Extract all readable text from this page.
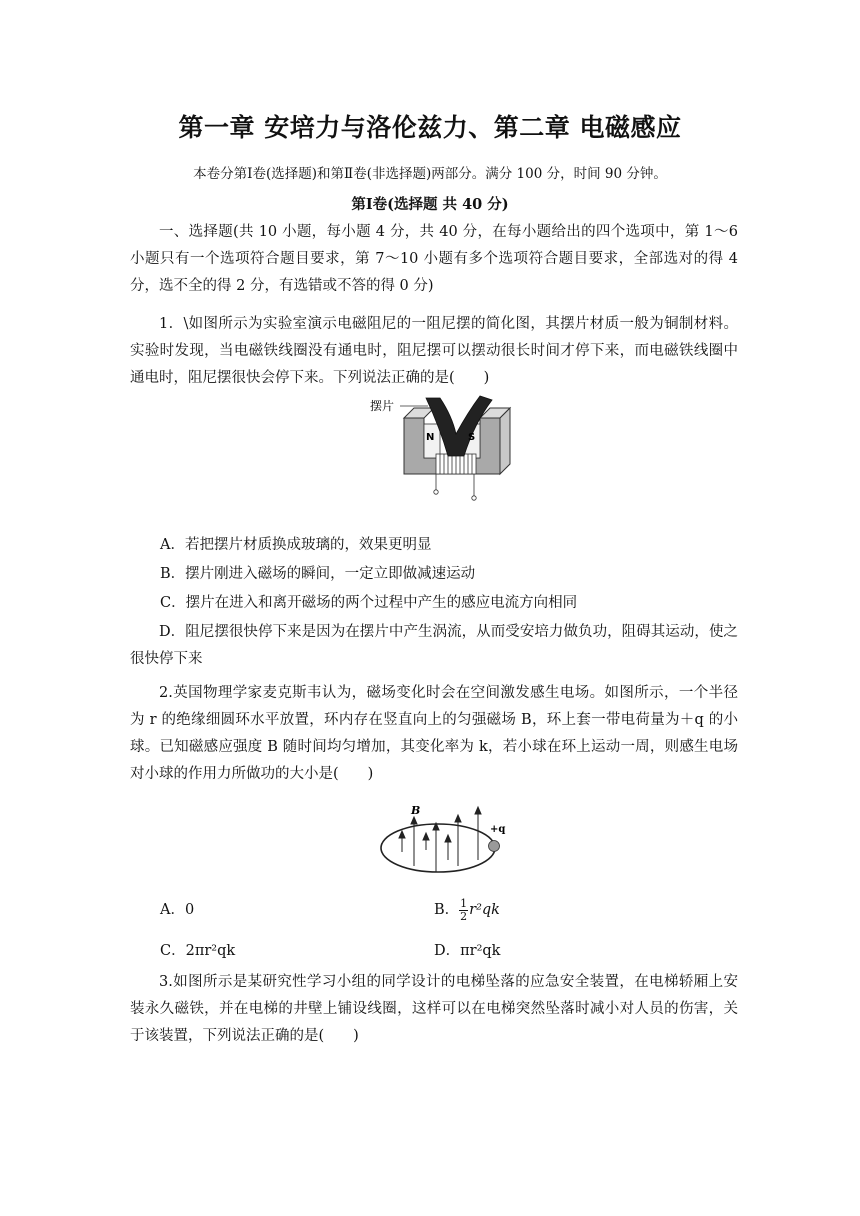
第一章 安培力与洛伦兹力、第二章 电磁感应
本卷分第Ⅰ卷(选择题)和第Ⅱ卷(非选择题)两部分。满分 100 分，时间 90 分钟。
第Ⅰ卷(选择题 共 40 分)
一、选择题(共 10 小题，每小题 4 分，共 40 分，在每小题给出的四个选项中，第 1～6 小题只有一个选项符合题目要求，第 7～10 小题有多个选项符合题目要求，全部选对的得 4 分，选不全的得 2 分，有选错或不答的得 0 分)
1．\如图所示为实验室演示电磁阻尼的一阻尼摆的简化图，其摆片材质一般为铜制材料。实验时发现，当电磁铁线圈没有通电时，阻尼摆可以摆动很长时间才停下来，而电磁铁线圈中通电时，阻尼摆很快会停下来。下列说法正确的是(　　)
摆片
N	S
A．若把摆片材质换成玻璃的，效果更明显
B．摆片刚进入磁场的瞬间，一定立即做减速运动
C．摆片在进入和离开磁场的两个过程中产生的感应电流方向相同
D．阻尼摆很快停下来是因为在摆片中产生涡流，从而受安培力做负功，阻碍其运动，使之很快停下来
2.英国物理学家麦克斯韦认为，磁场变化时会在空间激发感生电场。如图所示，一个半径为 r 的绝缘细圆环水平放置，环内存在竖直向上的匀强磁场 B，环上套一带电荷量为＋q 的小球。已知磁感应强度 B 随时间均匀增加，其变化率为 k，若小球在环上运动一周，则感生电场对小球的作用力所做功的大小是(　　)
B
+q
A．0	B． $\frac{1}{2} r^2qk$
C．2πr²qk	D．πr²qk
3.如图所示是某研究性学习小组的同学设计的电梯坠落的应急安全装置，在电梯轿厢上安装永久磁铁，并在电梯的井壁上铺设线圈，这样可以在电梯突然坠落时减小对人员的伤害，关于该装置，下列说法正确的是(　　)
